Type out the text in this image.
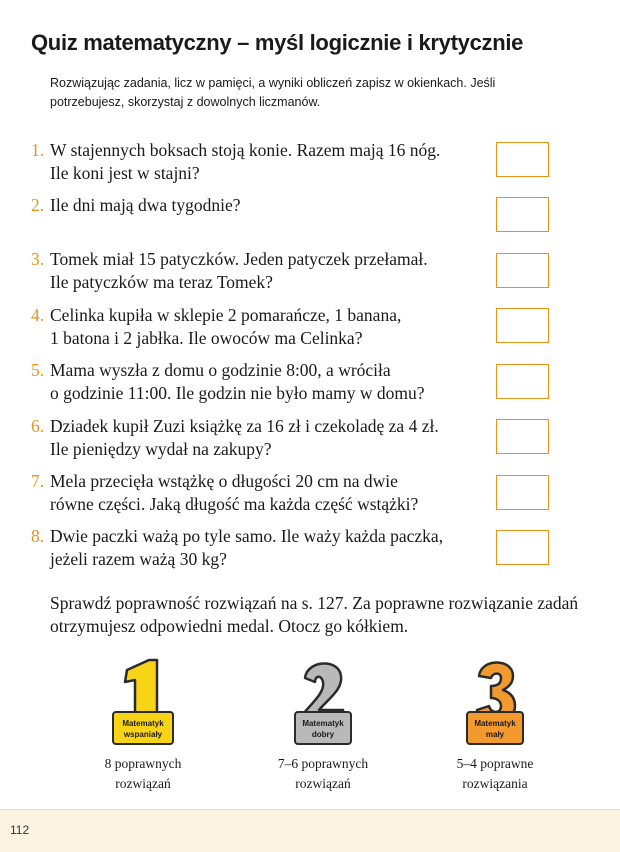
Quiz matematyczny – myśl logicznie i krytycznie
Rozwiązując zadania, licz w pamięci, a wyniki obliczeń zapisz w okienkach. Jeśli potrzebujesz, skorzystaj z dowolnych liczmanów.
1. W stajennych boksach stoją konie. Razem mają 16 nóg.
Ile koni jest w stajni?
2. Ile dni mają dwa tygodnie?
3. Tomek miał 15 patyczków. Jeden patyczek przełamał.
Ile patyczków ma teraz Tomek?
4. Celinka kupiła w sklepie 2 pomarańcze, 1 banana,
1 batona i 2 jabłka. Ile owoców ma Celinka?
5. Mama wyszła z domu o godzinie 8:00, a wróciła
o godzinie 11:00. Ile godzin nie było mamy w domu?
6. Dziadek kupił Zuzi książkę za 16 zł i czekoladę za 4 zł.
Ile pieniędzy wydał na zakupy?
7. Mela przecięła wstążkę o długości 20 cm na dwie
równe części. Jaką długość ma każda część wstążki?
8. Dwie paczki ważą po tyle samo. Ile waży każda paczka,
jeżeli razem ważą 30 kg?
Sprawdź poprawność rozwiązań na s. 127. Za poprawne rozwiązanie zadań otrzymujesz odpowiedni medal. Otocz go kółkiem.
Matematyk
wspaniały
8 poprawnych
rozwiązań
Matematyk
dobry
7–6 poprawnych
rozwiązań
Matematyk
mały
5–4 poprawne
rozwiązania
112
